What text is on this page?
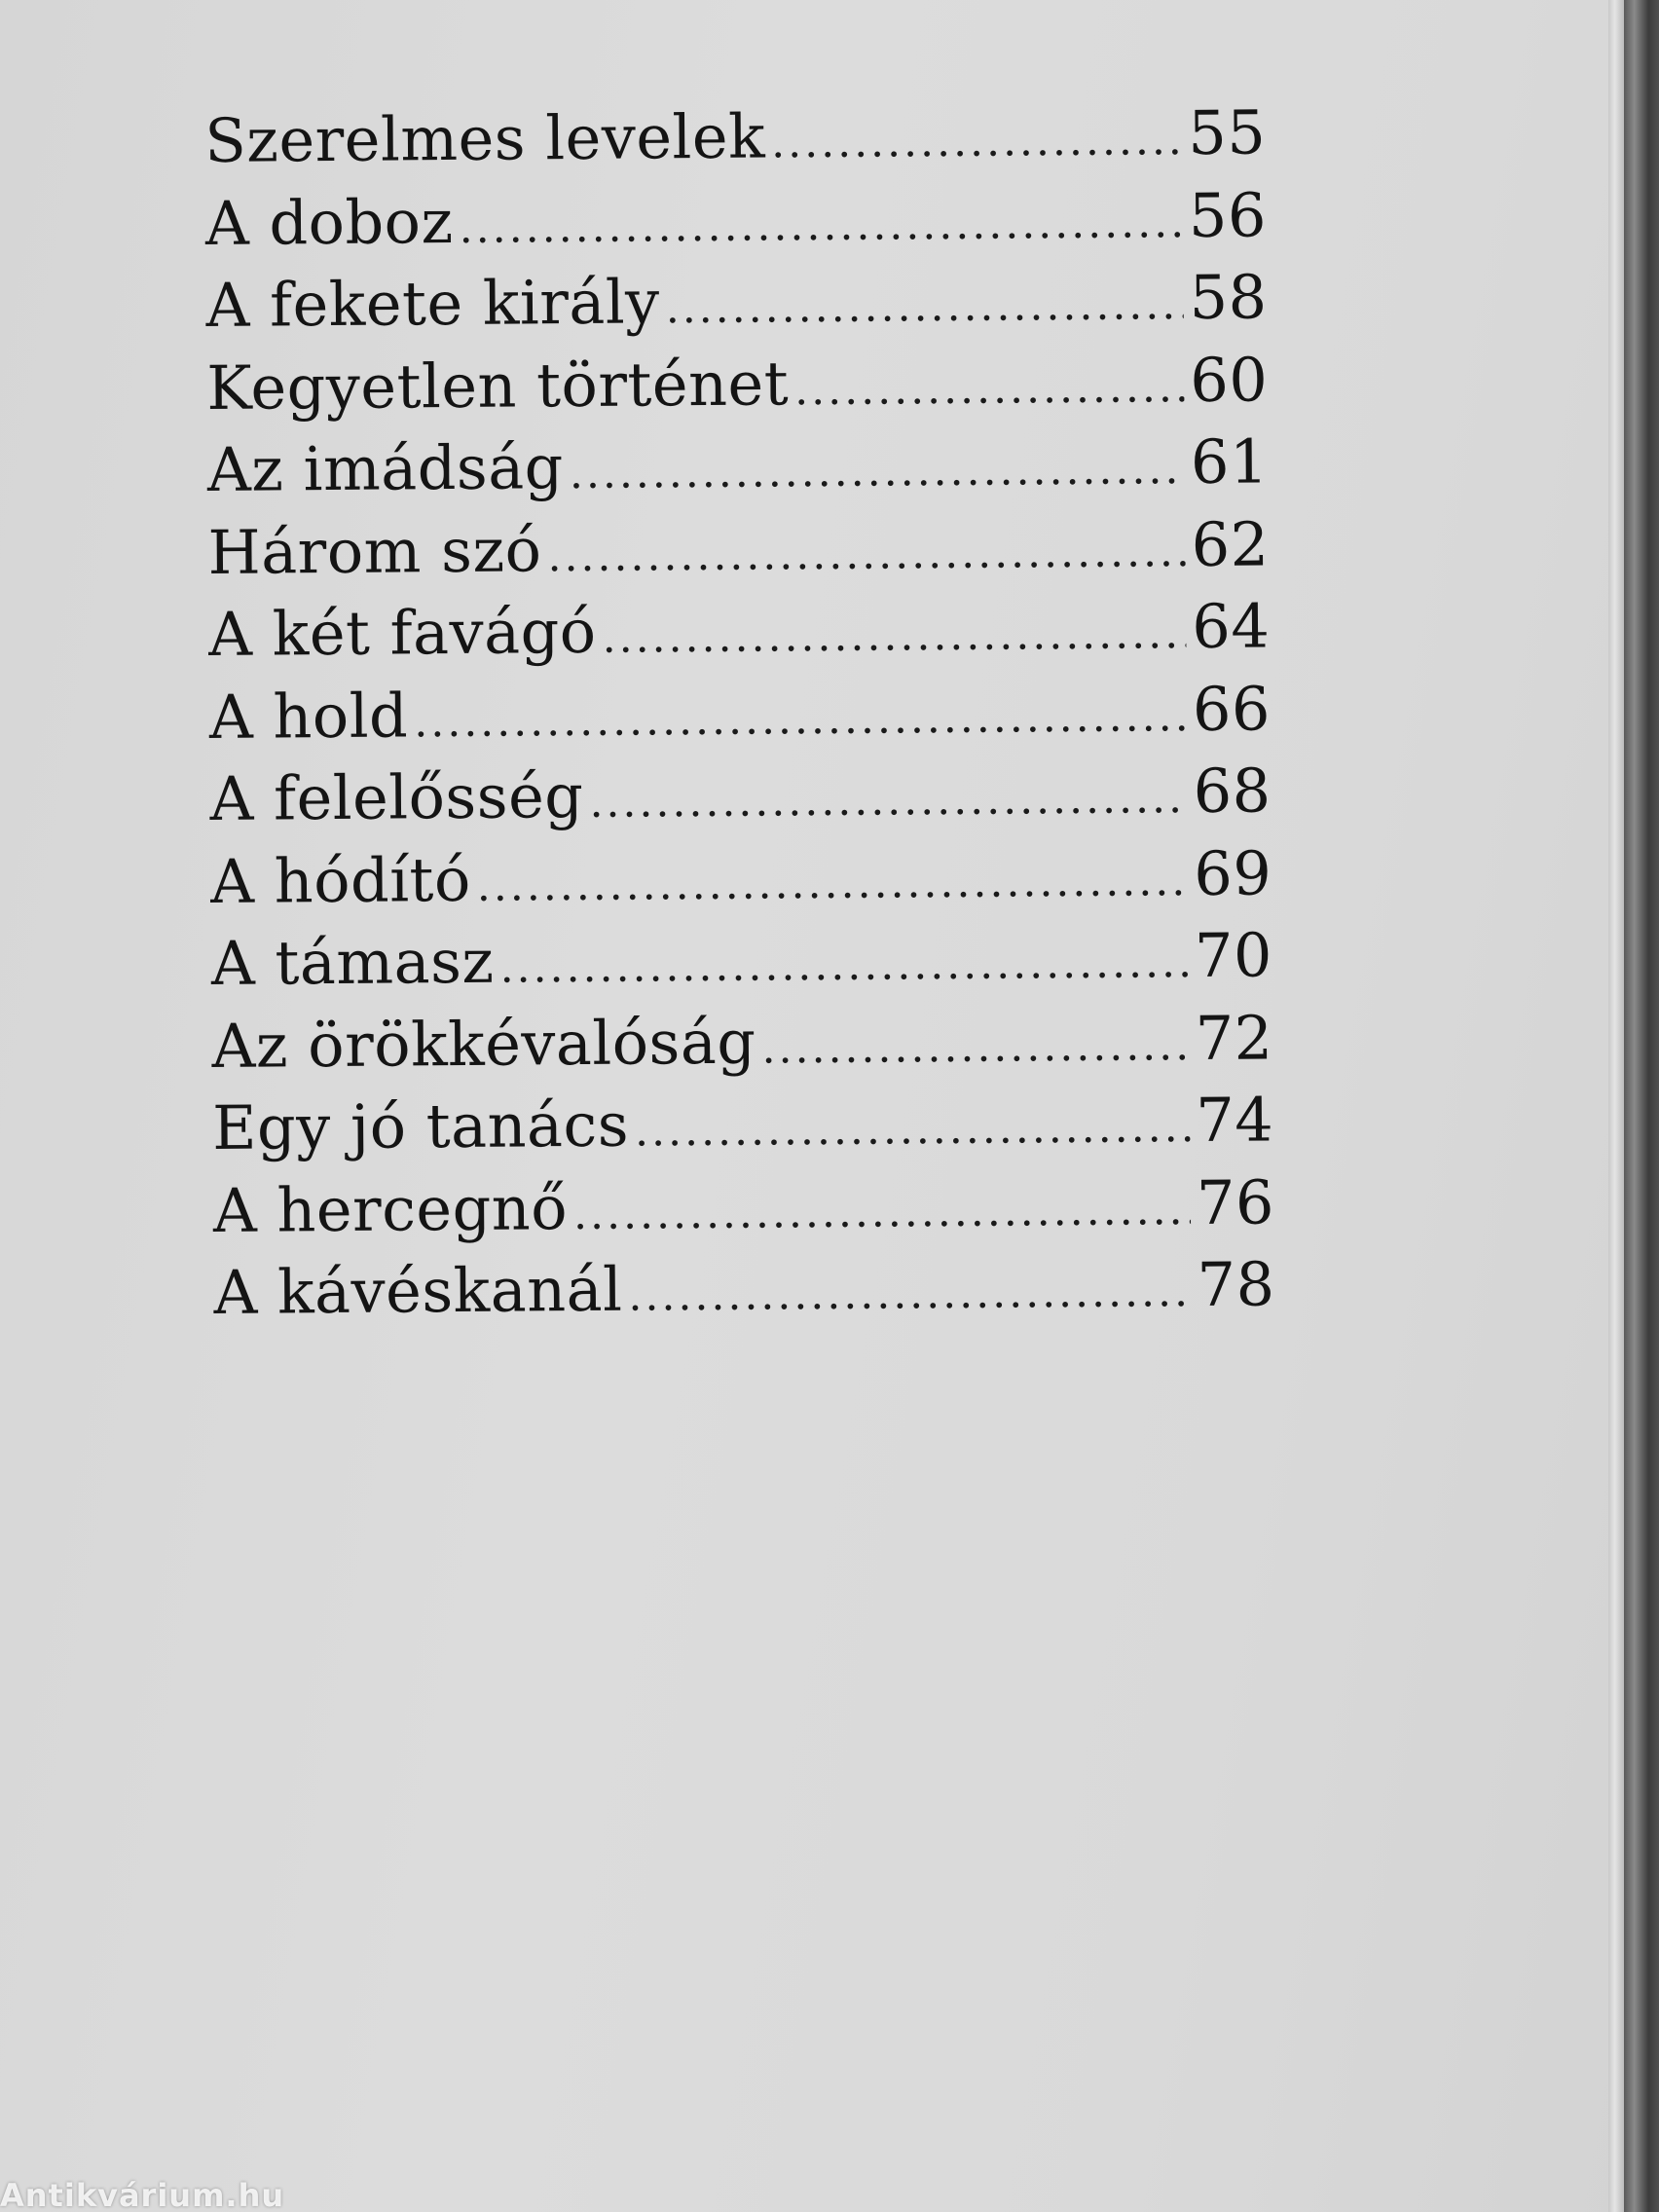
Szerelmes levelek .....	55
A doboz .....	56
A fekete király .....	58
Kegyetlen történet .....	60
Az imádság .....	61
Három szó .....	62
A két favágó .....	64
A hold .....	66
A felelősség .....	68
A hódító .....	69
A támasz .....	70
Az örökkévalóság .....	72
Egy jó tanács .....	74
A hercegnő .....	76
A kávéskanál .....	78
Antikvárium.hu
